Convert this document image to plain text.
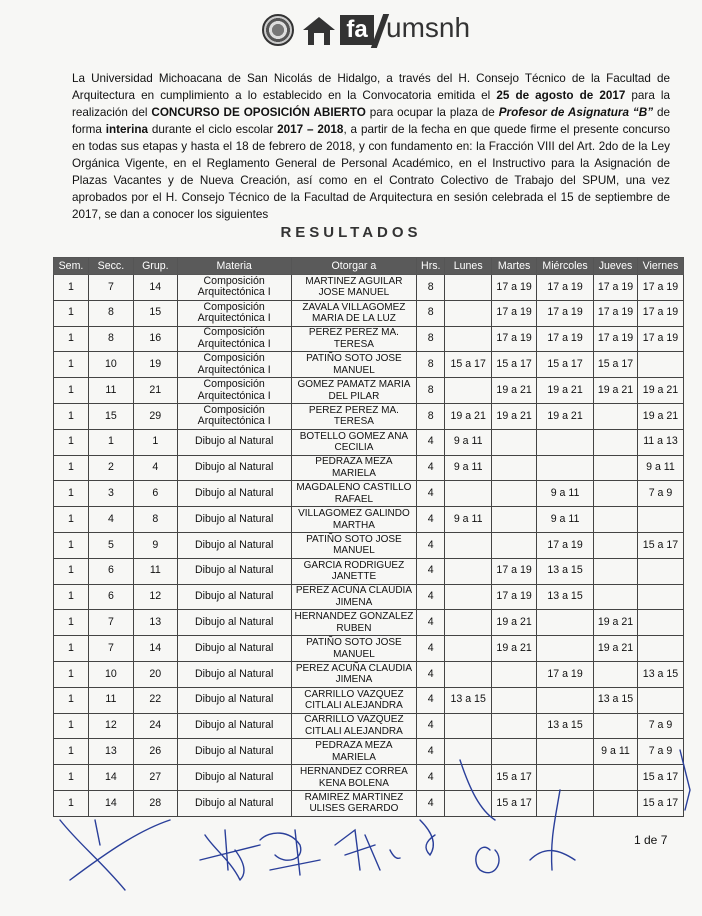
fa umsnh
La Universidad Michoacana de San Nicolás de Hidalgo, a través del H. Consejo Técnico de la Facultad de Arquitectura en cumplimiento a lo establecido en la Convocatoria emitida el 25 de agosto de 2017 para la realización del CONCURSO DE OPOSICIÓN ABIERTO para ocupar la plaza de Profesor de Asignatura “B” de forma interina durante el ciclo escolar 2017 – 2018, a partir de la fecha en que quede firme el presente concurso en todas sus etapas y hasta el 18 de febrero de 2018, y con fundamento en: la Fracción VIII del Art. 2do de la Ley Orgánica Vigente, en el Reglamento General de Personal Académico, en el Instructivo para la Asignación de Plazas Vacantes y de Nueva Creación, así como en el Contrato Colectivo de Trabajo del SPUM, una vez aprobados por el H. Consejo Técnico de la Facultad de Arquitectura en sesión celebrada el 15 de septiembre de 2017, se dan a conocer los siguientes
RESULTADOS
Sem.	Secc.	Grup.	Materia	Otorgar a	Hrs.	Lunes	Martes	Miércoles	Jueves	Viernes
1	7	14	Composición Arquitectónica I	MARTINEZ AGUILAR JOSE MANUEL	8		17 a 19	17 a 19	17 a 19	17 a 19
1	8	15	Composición Arquitectónica I	ZAVALA VILLAGOMEZ MARIA DE LA LUZ	8		17 a 19	17 a 19	17 a 19	17 a 19
1	8	16	Composición Arquitectónica I	PEREZ PEREZ MA. TERESA	8		17 a 19	17 a 19	17 a 19	17 a 19
1	10	19	Composición Arquitectónica I	PATIÑO SOTO JOSE MANUEL	8	15 a 17	15 a 17	15 a 17	15 a 17	
1	11	21	Composición Arquitectónica I	GOMEZ PAMATZ MARIA DEL PILAR	8		19 a 21	19 a 21	19 a 21	19 a 21
1	15	29	Composición Arquitectónica I	PEREZ PEREZ MA. TERESA	8	19 a 21	19 a 21	19 a 21		19 a 21
1	1	1	Dibujo al Natural	BOTELLO GOMEZ ANA CECILIA	4	9 a 11				11 a 13
1	2	4	Dibujo al Natural	PEDRAZA MEZA MARIELA	4	9 a 11				9 a 11
1	3	6	Dibujo al Natural	MAGDALENO CASTILLO RAFAEL	4			9 a 11		7 a 9
1	4	8	Dibujo al Natural	VILLAGOMEZ GALINDO MARTHA	4	9 a 11		9 a 11		
1	5	9	Dibujo al Natural	PATIÑO SOTO JOSE MANUEL	4			17 a 19		15 a 17
1	6	11	Dibujo al Natural	GARCIA RODRIGUEZ JANETTE	4		17 a 19	13 a 15		
1	6	12	Dibujo al Natural	PEREZ ACUÑA CLAUDIA JIMENA	4		17 a 19	13 a 15		
1	7	13	Dibujo al Natural	HERNANDEZ GONZALEZ RUBEN	4		19 a 21		19 a 21	
1	7	14	Dibujo al Natural	PATIÑO SOTO JOSE MANUEL	4		19 a 21		19 a 21	
1	10	20	Dibujo al Natural	PEREZ ACUÑA CLAUDIA JIMENA	4			17 a 19		13 a 15
1	11	22	Dibujo al Natural	CARRILLO VAZQUEZ CITLALI ALEJANDRA	4	13 a 15			13 a 15	
1	12	24	Dibujo al Natural	CARRILLO VAZQUEZ CITLALI ALEJANDRA	4			13 a 15		7 a 9
1	13	26	Dibujo al Natural	PEDRAZA MEZA MARIELA	4				9 a 11	7 a 9
1	14	27	Dibujo al Natural	HERNANDEZ CORREA KENA BOLENA	4		15 a 17			15 a 17
1	14	28	Dibujo al Natural	RAMIREZ MARTINEZ ULISES GERARDO	4		15 a 17			15 a 17
1 de 7
